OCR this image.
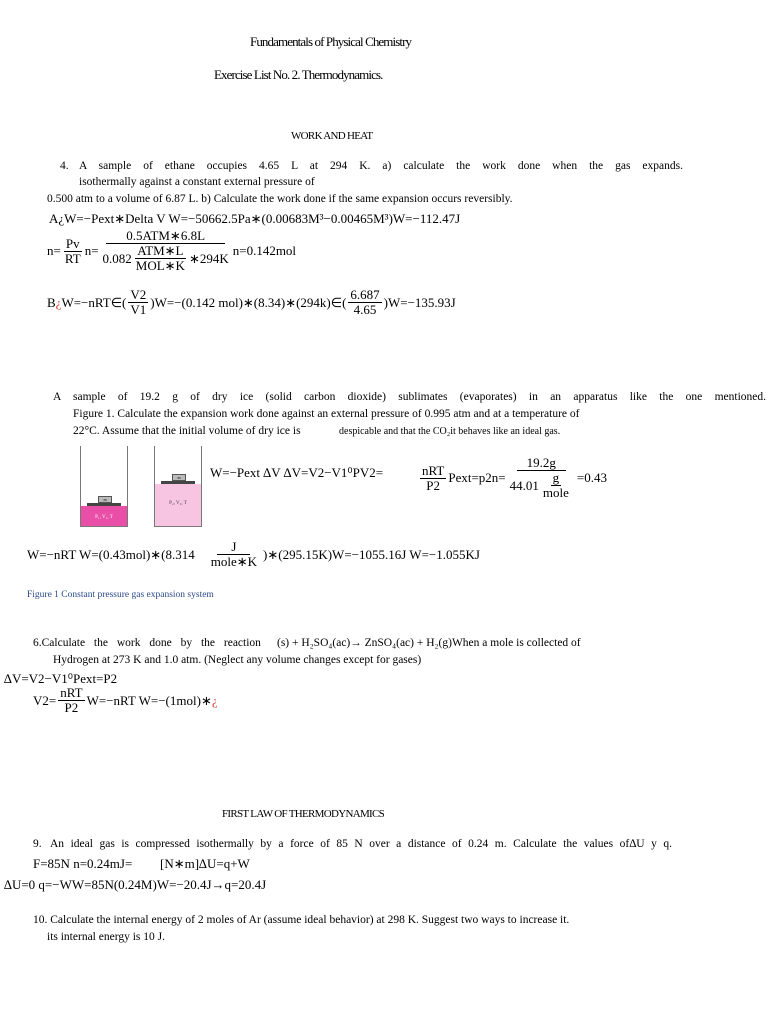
Fundamentals of Physical Chemistry
Exercise List No. 2. Thermodynamics.
WORK AND HEAT
4. A sample of ethane occupies 4.65 L at 294 K. a) calculate the work done when the gas expands.
isothermally against a constant external pressure of
0.500 atm to a volume of 6.87 L. b) Calculate the work done if the same expansion occurs reversibly.
A¿W=−Pext∗Delta V W=−50662.5Pa∗(0.00683M³−0.00465M³)W=−112.47J
$n= \frac{Pv}{RT} n= \frac{\text{0.5ATM∗6.8L}}{0.082 \frac{\text{ATM∗L}}{\text{MOL∗K}} ∗294K} n=0.142mol$
B ¿ W=−nRT∈( $\frac{V2}{V1} )W=-(0.142$ mol)∗(8.34)∗(294k)∈( $\frac{6.687}{4.65} )W=-135.93J$
A sample of 19.2 g of dry ice (solid carbon dioxide) sublimates (evaporates) in an apparatus like the one mentioned.
Figure 1. Calculate the expansion work done against an external pressure of 0.995 atm and at a temperature of
22°C. Assume that the initial volume of dry ice is	despicable and that the CO₂it behaves like an ideal gas.
m
P₁, V₁, T
m
P₂, V₂, T
W=−Pext ∆V ∆V=V2−V1⁰PV2=	$\frac{\text{nRT}}{P2}$ Pext=p2n= $\frac{19.2g}{44.01 \frac{g}{\text{mole}}} =0.43$
W=−nRT W=(0.43mol)∗(8.314 $\frac{J}{\text{mole∗K}}$ )∗(295.15K)W=−1055.16J W=−1.055KJ
Figure 1 Constant pressure gas expansion system
6.Calculate the work done by the reaction (s) + H₂SO₄(ac)→ ZnSO₄(ac) + H₂(g)When a mole is collected of
Hydrogen at 273 K and 1.0 atm. (Neglect any volume changes except for gases)
∆V=V2−V1⁰Pext=P2
$V2= \frac{\text{nRT}}{P2} W=-nRT$ W=−(1mol)∗ ¿
FIRST LAW OF THERMODYNAMICS
9. An ideal gas is compressed isothermally by a force of 85 N over a distance of 0.24 m. Calculate the values of∆U y q.
F=85N n=0.24mJ= [N∗m]∆U=q+W
∆U=0 q=−WW=85N(0.24M)W=−20.4J→q=20.4J
10. Calculate the internal energy of 2 moles of Ar (assume ideal behavior) at 298 K. Suggest two ways to increase it.
its internal energy is 10 J.
